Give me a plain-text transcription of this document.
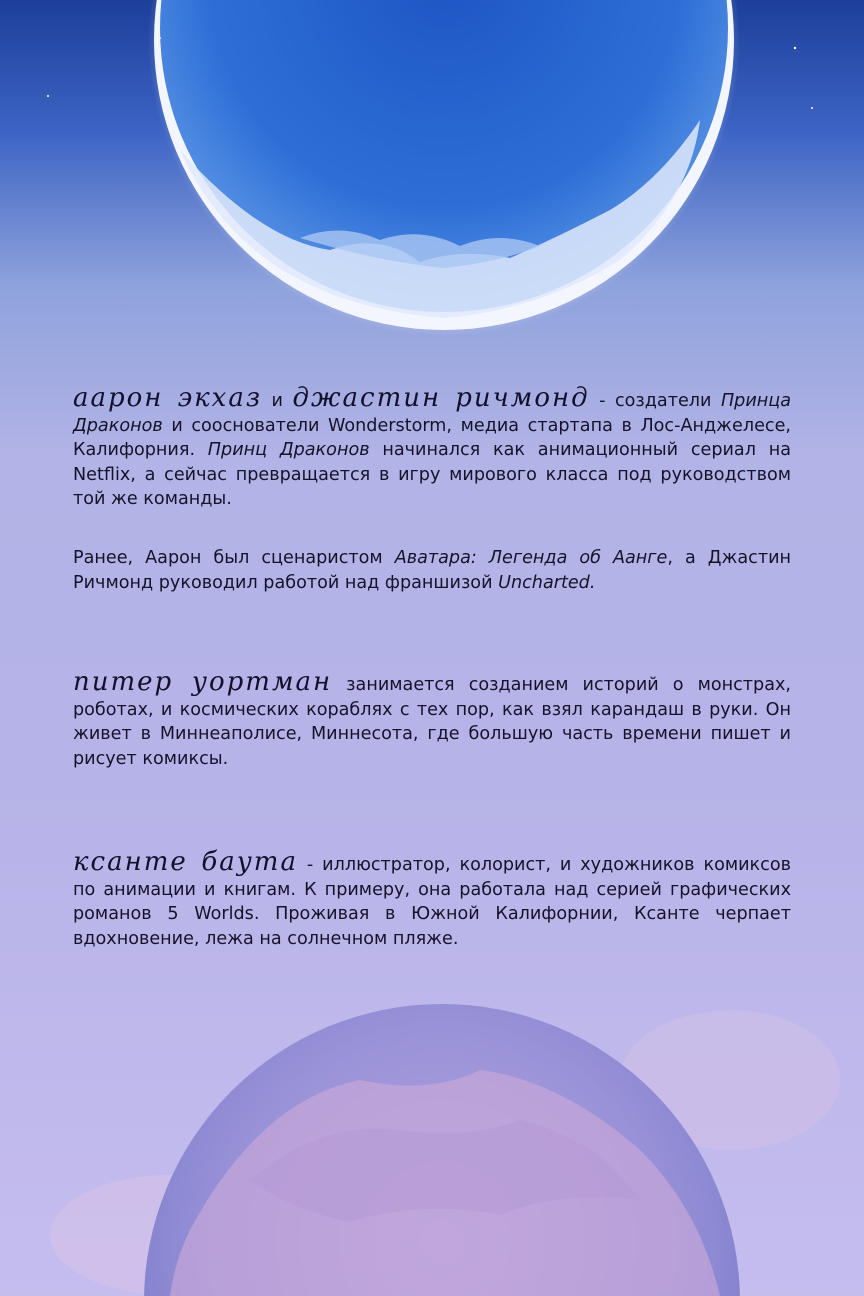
аарон экхаз и джастин ричмонд - создатели Принца Драконов и сооснователи Wonderstorm, медиа стартапа в Лос-Анджелесе, Калифорния. Принц Драконов начинался как анимационный сериал на Netflix, а сейчас превращается в игру мирового класса под руководством той же команды.

Ранее, Аарон был сценаристом Аватара: Легенда об Аанге, а Джастин Ричмонд руководил работой над франшизой Uncharted.

питер уортман занимается созданием историй о монстрах, роботах, и космических кораблях с тех пор, как взял карандаш в руки. Он живет в Миннеаполисе, Миннесота, где большую часть времени пишет и рисует комиксы.

ксанте баута - иллюстратор, колорист, и художников комиксов по анимации и книгам. К примеру, она работала над серией графических романов 5 Worlds. Проживая в Южной Калифорнии, Ксанте черпает вдохновение, лежа на солнечном пляже.
